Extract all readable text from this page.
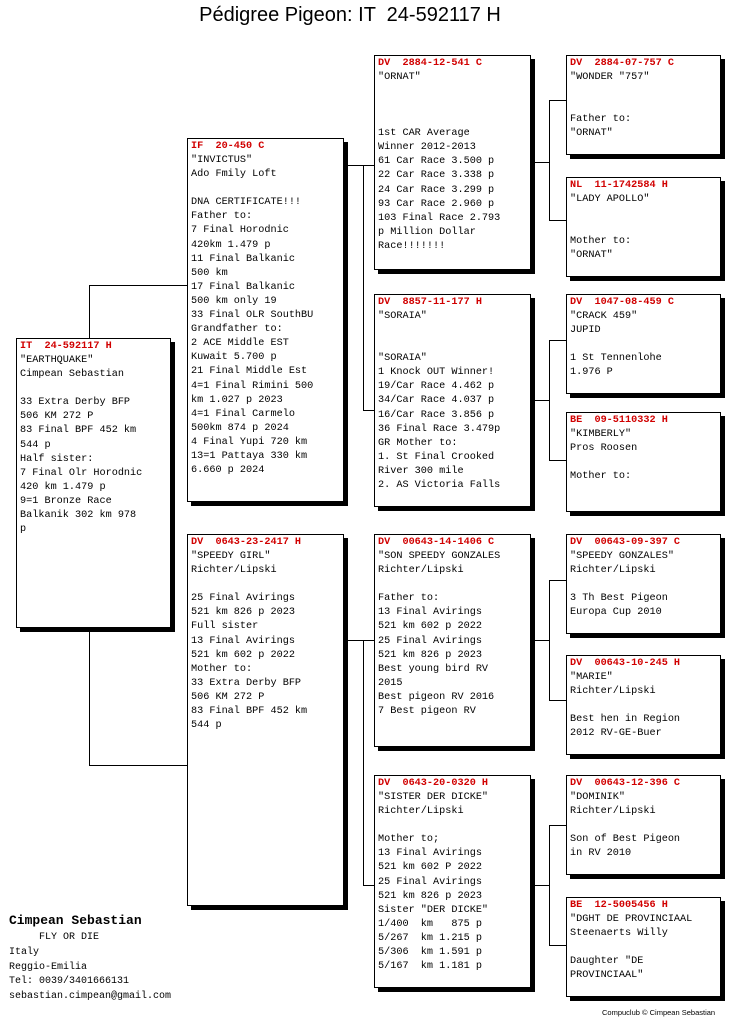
Pédigree Pigeon: IT  24-592117 H
IT  24-592117 H
"EARTHQUAKE"
Cimpean Sebastian
33 Extra Derby BFP
506 KM 272 P
83 Final BPF 452 km
544 p
Half sister:
7 Final Olr Horodnic
420 km 1.479 p
9=1 Bronze Race
Balkanik 302 km 978
p
IF  20-450 C
"INVICTUS"
Ado Fmily Loft
DNA CERTIFICATE!!!
Father to:
7 Final Horodnic
420km 1.479 p
11 Final Balkanic
500 km
17 Final Balkanic
500 km only 19
33 Final OLR SouthBU
Grandfather to:
2 ACE Middle EST
Kuwait 5.700 p
21 Final Middle Est
4=1 Final Rimini 500
km 1.027 p 2023
4=1 Final Carmelo
500km 874 p 2024
4 Final Yupi 720 km
13=1 Pattaya 330 km
6.660 p 2024
DV  0643-23-2417 H
"SPEEDY GIRL"
Richter/Lipski
25 Final Avirings
521 km 826 p 2023
Full sister
13 Final Avirings
521 km 602 p 2022
Mother to:
33 Extra Derby BFP
506 KM 272 P
83 Final BPF 452 km
544 p
DV  2884-12-541 C
"ORNAT"
1st CAR Average
Winner 2012-2013
61 Car Race 3.500 p
22 Car Race 3.338 p
24 Car Race 3.299 p
93 Car Race 2.960 p
103 Final Race 2.793
p Million Dollar
Race!!!!!!!
DV  8857-11-177 H
"SORAIA"
"SORAIA"
1 Knock OUT Winner!
19/Car Race 4.462 p
34/Car Race 4.037 p
16/Car Race 3.856 p
36 Final Race 3.479p
GR Mother to:
1. St Final Crooked
River 300 mile
2. AS Victoria Falls
DV  00643-14-1406 C
"SON SPEEDY GONZALES
Richter/Lipski
Father to:
13 Final Avirings
521 km 602 p 2022
25 Final Avirings
521 km 826 p 2023
Best young bird RV
2015
Best pigeon RV 2016
7 Best pigeon RV
DV  0643-20-0320 H
"SISTER DER DICKE"
Richter/Lipski
Mother to;
13 Final Avirings
521 km 602 P 2022
25 Final Avirings
521 km 826 p 2023
Sister "DER DICKE"
1/400  km   875 p
5/267  km 1.215 p
5/306  km 1.591 p
5/167  km 1.181 p
DV  2884-07-757 C
"WONDER "757"
Father to:
"ORNAT"
NL  11-1742584 H
"LADY APOLLO"
Mother to:
"ORNAT"
DV  1047-08-459 C
"CRACK 459"
JUPID
1 St Tennenlohe
1.976 P
BE  09-5110332 H
"KIMBERLY"
Pros Roosen
Mother to:
DV  00643-09-397 C
"SPEEDY GONZALES"
Richter/Lipski
3 Th Best Pigeon
Europa Cup 2010
DV  00643-10-245 H
"MARIE"
Richter/Lipski
Best hen in Region
2012 RV-GE-Buer
DV  00643-12-396 C
"DOMINIK"
Richter/Lipski
Son of Best Pigeon
in RV 2010
BE  12-5005456 H
"DGHT DE PROVINCIAAL
Steenaerts Willy
Daughter "DE
PROVINCIAAL"
Cimpean Sebastian
FLY OR DIE
Italy
Reggio-Emilia
Tel: 0039/3401666131
sebastian.cimpean@gmail.com
Compuclub © Cimpean Sebastian
